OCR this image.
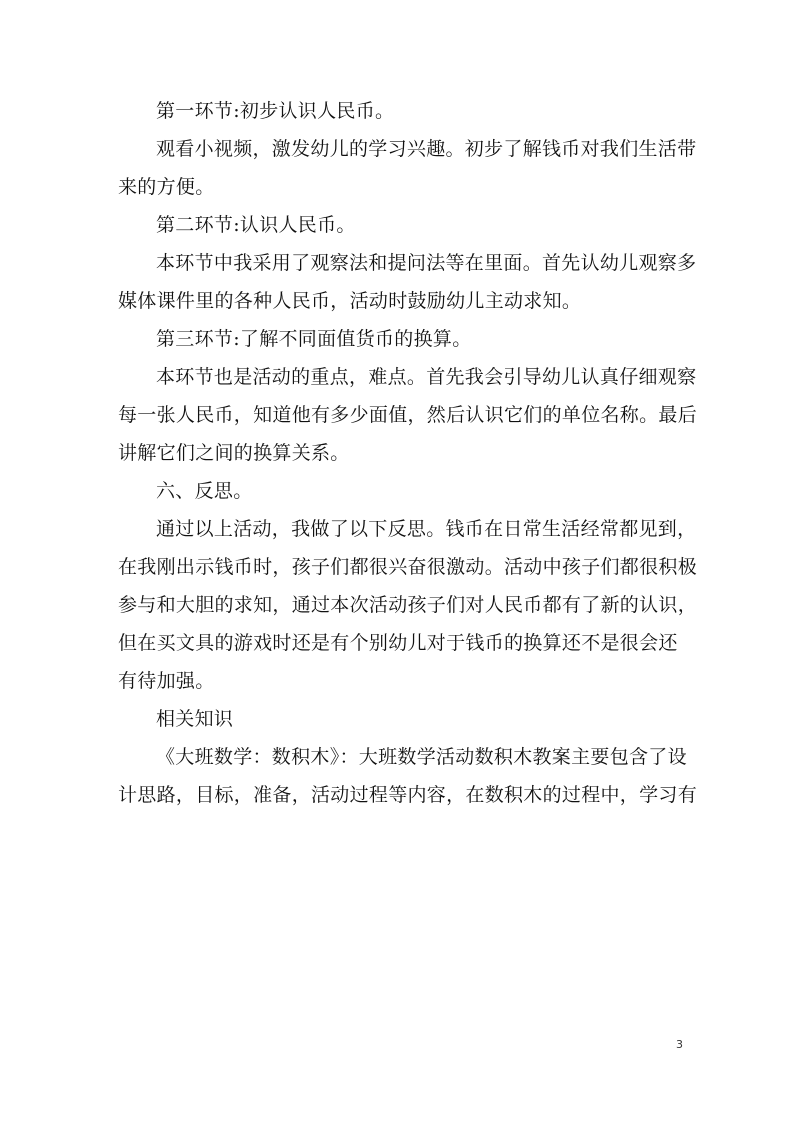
第一环节:初步认识人民币。
观看小视频，激发幼儿的学习兴趣。初步了解钱币对我们生活带
来的方便。
第二环节:认识人民币。
本环节中我采用了观察法和提问法等在里面。首先认幼儿观察多
媒体课件里的各种人民币，活动时鼓励幼儿主动求知。
第三环节:了解不同面值货币的换算。
本环节也是活动的重点，难点。首先我会引导幼儿认真仔细观察
每一张人民币，知道他有多少面值，然后认识它们的单位名称。最后
讲解它们之间的换算关系。
六、反思。
通过以上活动，我做了以下反思。钱币在日常生活经常都见到，
在我刚出示钱币时，孩子们都很兴奋很激动。活动中孩子们都很积极
参与和大胆的求知，通过本次活动孩子们对人民币都有了新的认识，
但在买文具的游戏时还是有个别幼儿对于钱币的换算还不是很会还
有待加强。
相关知识
《大班数学：数积木》：大班数学活动数积木教案主要包含了设
计思路，目标，准备，活动过程等内容，在数积木的过程中，学习有
3
